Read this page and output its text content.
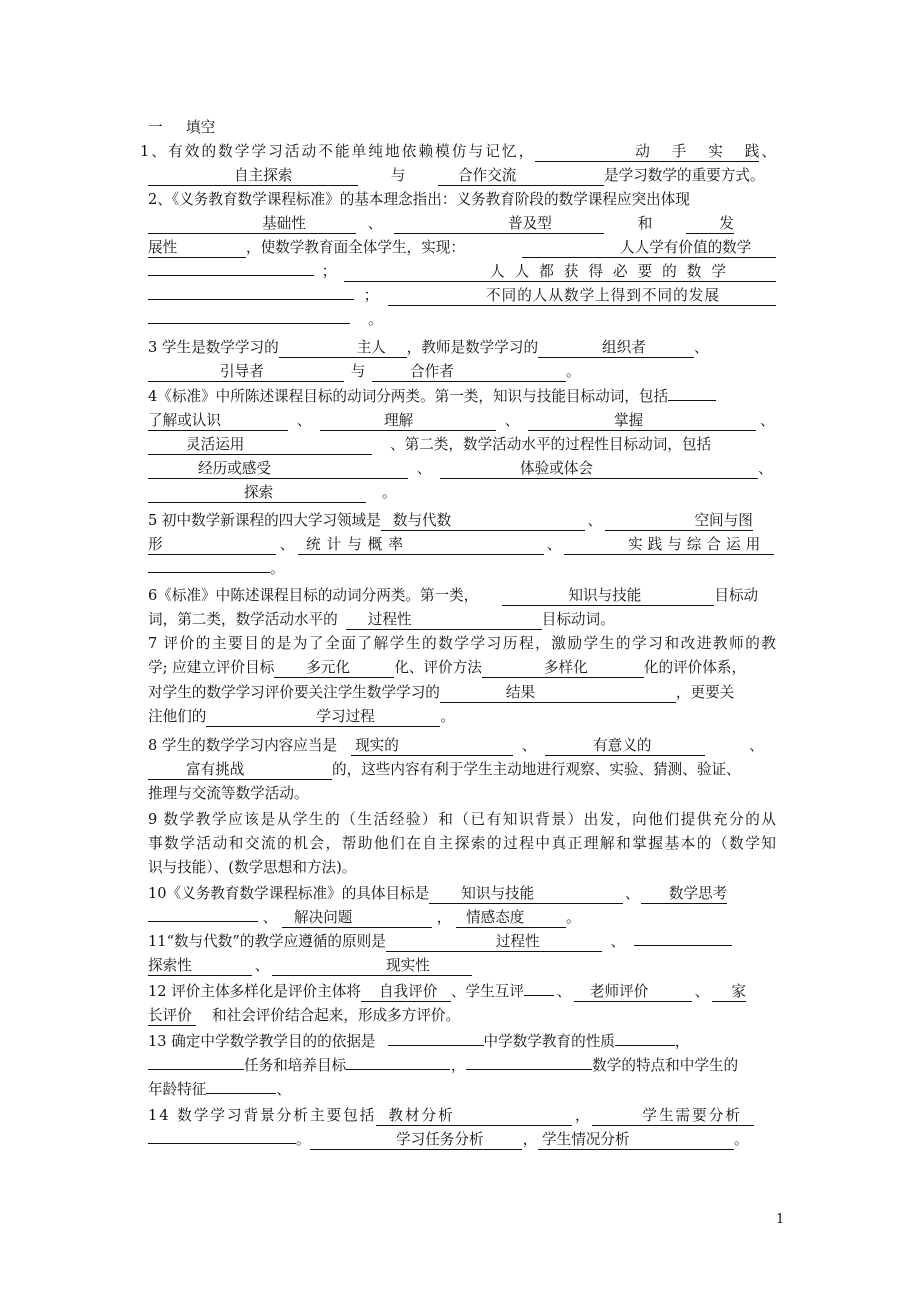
一 填空
1、有效的数学学习活动不能单纯地依赖模仿与记忆，	动手实践、
自主探索	与	合作交流	是学习数学的重要方式。
2、《义务教育数学课程标准》的基本理念指出：义务教育阶段的数学课程应突出体现
基础性	、	普及型	和	发
展性	，使数学教育面全体学生，实现：	人人学有价值的数学
；	人人都获得必要的数学
；	不同的人从数学上得到不同的发展
。
3 学生是数学学习的	主人 ，教师是数学学习的	组织者	、
引导者	与	合作者	。
4《标准》中所陈述课程目标的动词分两类。第一类，知识与技能目标动词，包括
了解或认识	、	理解	、	掌握	、
灵活运用	、第二类，数学活动水平的过程性目标动词，包括
经历或感受	、	体验或体会	、
探索	。
5 初中数学新课程的四大学习领域是 数与代数	、	空间与图
形	、 统计与概率	、	实践与综合运用
。
6《标准》中陈述课程目标的动词分两类。第一类，	知识与技能	目标动
词，第二类，数学活动水平的 过程性	目标动词。
7 评价的主要目的是为了全面了解学生的数学学习历程，激励学生的学习和改进教师的教
学; 应建立评价目标 多元化	化、评价方法	多样化	化的评价体系，
对学生的数学学习评价要关注学生数学学习的	结果	，更要关
注他们的	学习过程	。
8 学生的数学学习内容应当是 现实的	、	有意义的	、
富有挑战	的，这些内容有利于学生主动地进行观察、实验、猜测、验证、
推理与交流等数学活动。
9 数学教学应该是从学生的（生活经验）和（已有知识背景）出发，向他们提供充分的从
事数学活动和交流的机会，帮助他们在自主探索的过程中真正理解和掌握基本的（数学知
识与技能）、(数学思想和方法)。
10《义务教育数学课程标准》的具体目标是 知识与技能	、 数学思考
、 解决问题	， 情感态度	。
11“数与代数”的教学应遵循的原则是	过程性	、
探索性	、	现实性
12 评价主体多样化是评价主体将 自我评价 、学生互评 、 老师评价	、 家
长评价 和社会评价结合起来，形成多方评价。
13 确定中学数学教学目的的依据是	中学数学教育的性质	，
任务和培养目标	，	数学的特点和中学生的
年龄特征	、
14 数学学习背景分析主要包括 教材分析	，	学生需要分析
。	学习任务分析	， 学生情况分析	。
1
